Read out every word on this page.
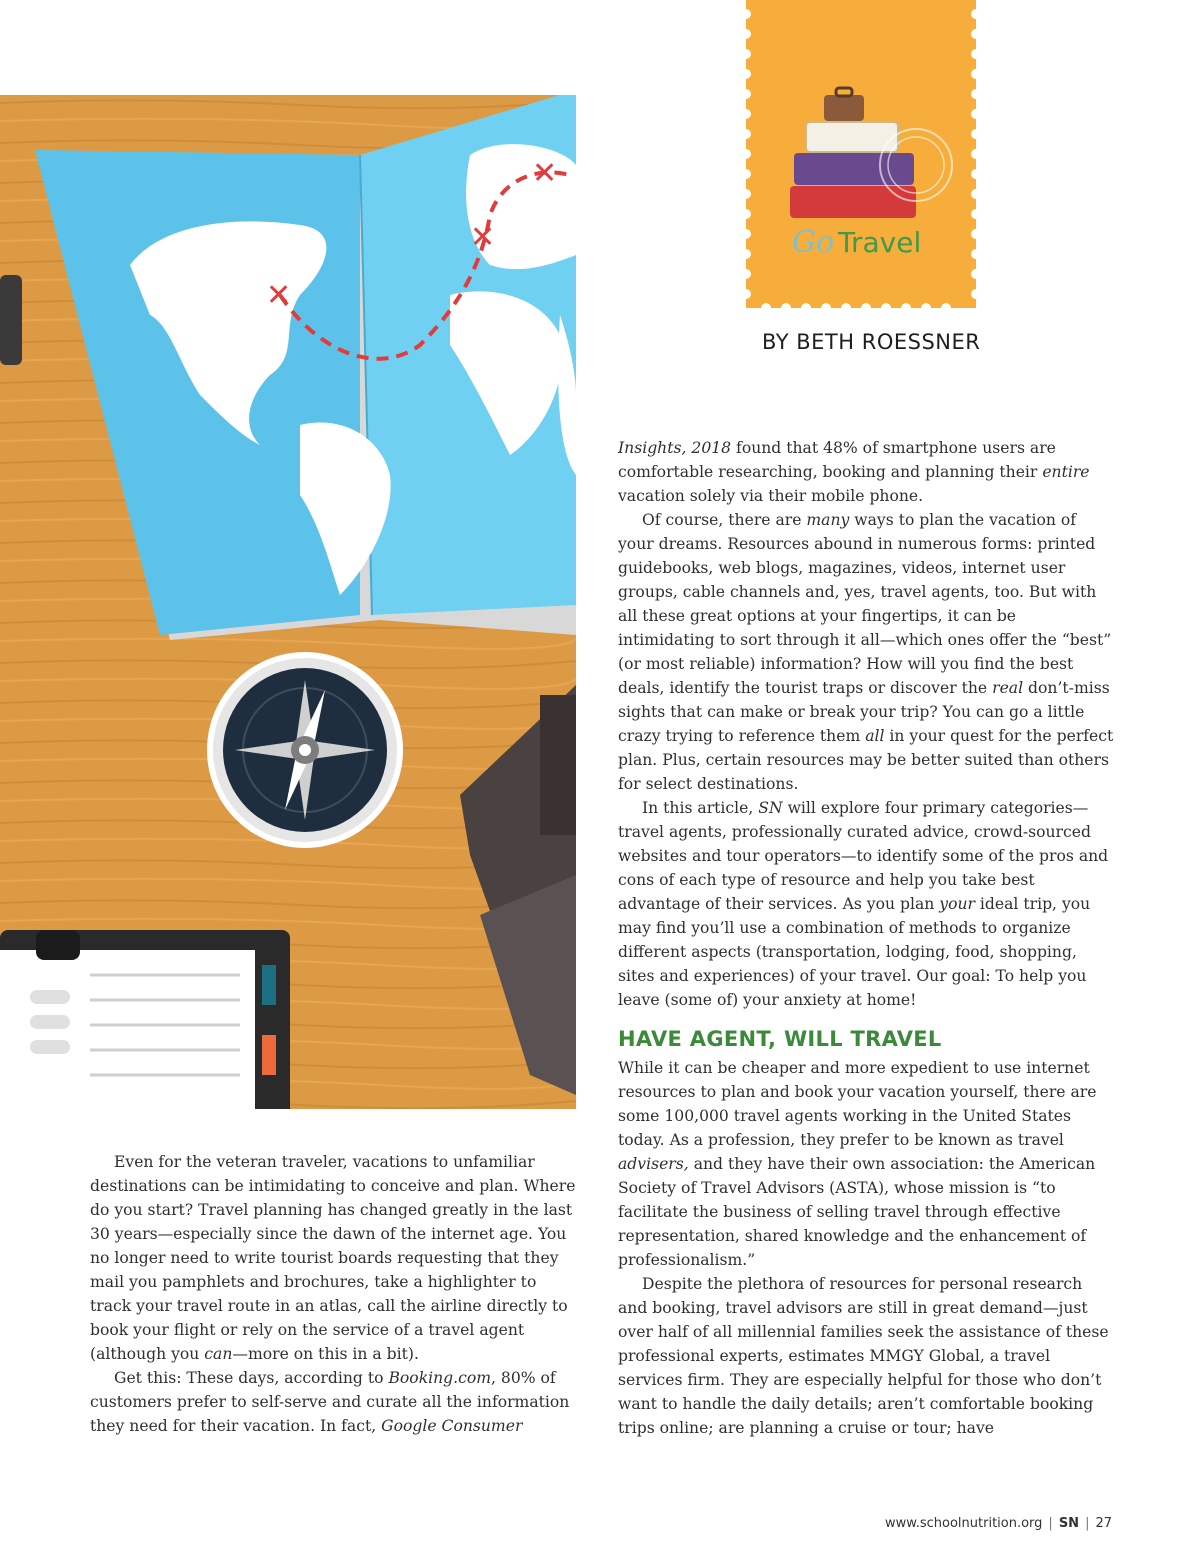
✕
✕
✕
Go Travel
BY BETH ROESSNER

Even for the veteran traveler, vacations to unfamiliar destinations can be intimidating to conceive and plan. Where do you start? Travel planning has changed greatly in the last 30 years—especially since the dawn of the internet age. You no longer need to write tourist boards requesting that they mail you pamphlets and brochures, take a highlighter to track your travel route in an atlas, call the airline directly to book your flight or rely on the service of a travel agent (although you can—more on this in a bit).

Get this: These days, according to Booking.com, 80% of customers prefer to self-serve and curate all the information they need for their vacation. In fact, Google Consumer

Insights, 2018 found that 48% of smartphone users are comfortable researching, booking and planning their entire vacation solely via their mobile phone.

Of course, there are many ways to plan the vacation of your dreams. Resources abound in numerous forms: printed guidebooks, web blogs, magazines, videos, internet user groups, cable channels and, yes, travel agents, too. But with all these great options at your fingertips, it can be intimidating to sort through it all—which ones offer the “best” (or most reliable) information? How will you find the best deals, identify the tourist traps or discover the real don’t-miss sights that can make or break your trip? You can go a little crazy trying to reference them all in your quest for the perfect plan. Plus, certain resources may be better suited than others for select destinations.

In this article, SN will explore four primary categories—travel agents, professionally curated advice, crowd-sourced websites and tour operators—to identify some of the pros and cons of each type of resource and help you take best advantage of their services. As you plan your ideal trip, you may find you’ll use a combination of methods to organize different aspects (transportation, lodging, food, shopping, sites and experiences) of your travel. Our goal: To help you leave (some of) your anxiety at home!

HAVE AGENT, WILL TRAVEL

While it can be cheaper and more expedient to use internet resources to plan and book your vacation yourself, there are some 100,000 travel agents working in the United States today. As a profession, they prefer to be known as travel advisers, and they have their own association: the American Society of Travel Advisors (ASTA), whose mission is “to facilitate the business of selling travel through effective representation, shared knowledge and the enhancement of professionalism.”

Despite the plethora of resources for personal research and booking, travel advisors are still in great demand—just over half of all millennial families seek the assistance of these professional experts, estimates MMGY Global, a travel services firm. They are especially helpful for those who don’t want to handle the daily details; aren’t comfortable booking trips online; are planning a cruise or tour; have

www.schoolnutrition.org | SN | 27
